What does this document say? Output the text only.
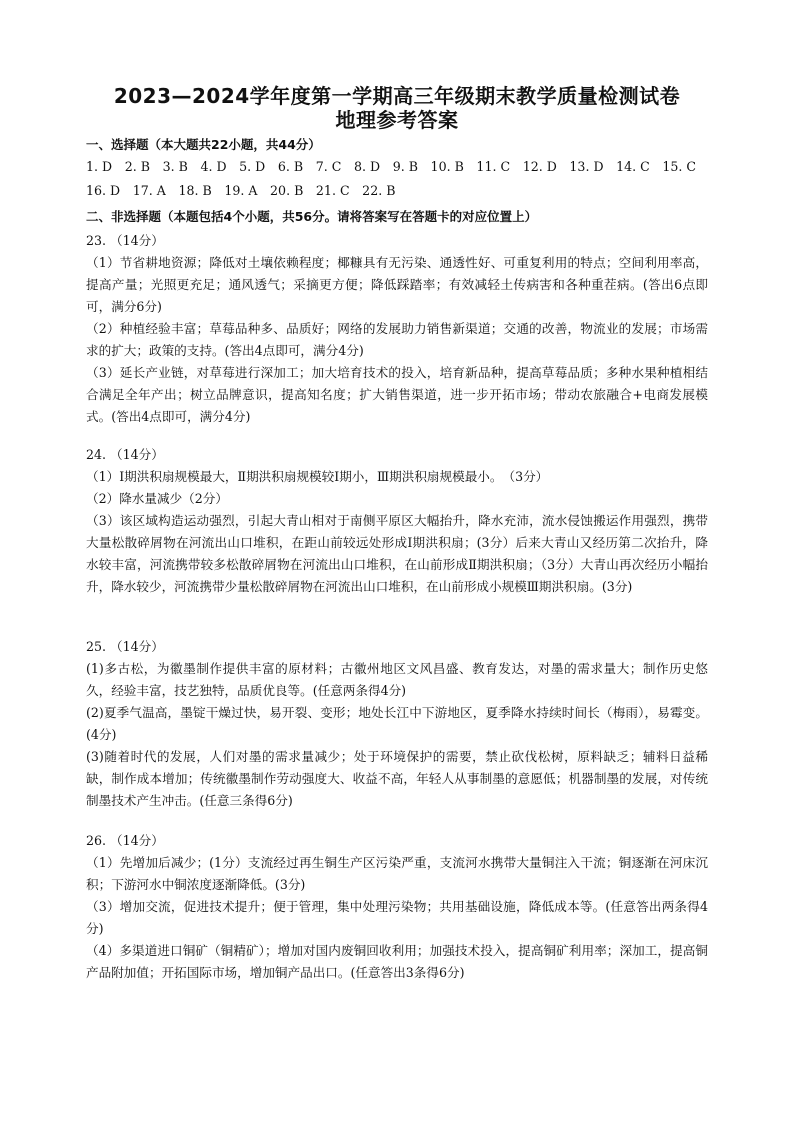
2023—2024学年度第一学期高三年级期末教学质量检测试卷
地理参考答案
一、选择题（本大题共22小题，共44分）
1. D　2. B　3. B　4. D　5. D　6. B　7. C　8. D　9. B　10. B　11. C　12. D　13. D　14. C　15. C
16. D　17. A　18. B　19. A　20. B　21. C　22. B
二、非选择题（本题包括4个小题，共56分。请将答案写在答题卡的对应位置上）

23. （14分）

（1）节省耕地资源；降低对土壤依赖程度；椰糠具有无污染、通透性好、可重复利用的特点；空间利用率高，提高产量；光照更充足；通风透气；采摘更方便；降低踩踏率；有效减轻土传病害和各种重茬病。(答出6点即可，满分6分)

（2）种植经验丰富；草莓品种多、品质好；网络的发展助力销售新渠道；交通的改善，物流业的发展；市场需求的扩大；政策的支持。(答出4点即可，满分4分)

（3）延长产业链，对草莓进行深加工；加大培育技术的投入，培育新品种，提高草莓品质；多种水果种植相结合满足全年产出；树立品牌意识，提高知名度；扩大销售渠道，进一步开拓市场；带动农旅融合+电商发展模式。(答出4点即可，满分4分)

24. （14分）

（1）Ⅰ期洪积扇规模最大，Ⅱ期洪积扇规模较Ⅰ期小，Ⅲ期洪积扇规模最小。　（3分）

（2）降水量减少（2分）

（3）该区域构造运动强烈，引起大青山相对于南侧平原区大幅抬升，降水充沛，流水侵蚀搬运作用强烈，携带大量松散碎屑物在河流出山口堆积，在距山前较远处形成Ⅰ期洪积扇；(3分）后来大青山又经历第二次抬升，降水较丰富，河流携带较多松散碎屑物在河流出山口堆积，在山前形成Ⅱ期洪积扇；（3分）大青山再次经历小幅抬升，降水较少，河流携带少量松散碎屑物在河流出山口堆积，在山前形成小规模Ⅲ期洪积扇。(3分)

25. （14分）

(1)多古松，为徽墨制作提供丰富的原材料；古徽州地区文风昌盛、教育发达，对墨的需求量大；制作历史悠久，经验丰富，技艺独特，品质优良等。(任意两条得4分)

(2)夏季气温高，墨锭干燥过快，易开裂、变形；地处长江中下游地区，夏季降水持续时间长（梅雨），易霉变。(4分)

(3)随着时代的发展，人们对墨的需求量减少；处于环境保护的需要，禁止砍伐松树，原料缺乏；辅料日益稀缺，制作成本增加；传统徽墨制作劳动强度大、收益不高，年轻人从事制墨的意愿低；机器制墨的发展，对传统制墨技术产生冲击。(任意三条得6分)

26. （14分）

（1）先增加后减少；(1分）支流经过再生铜生产区污染严重，支流河水携带大量铜注入干流；铜逐渐在河床沉积；下游河水中铜浓度逐渐降低。(3分)

（3）增加交流，促进技术提升；便于管理，集中处理污染物；共用基础设施，降低成本等。(任意答出两条得4分)

（4）多渠道进口铜矿（铜精矿）；增加对国内废铜回收利用；加强技术投入，提高铜矿利用率；深加工，提高铜产品附加值；开拓国际市场，增加铜产品出口。(任意答出3条得6分)
